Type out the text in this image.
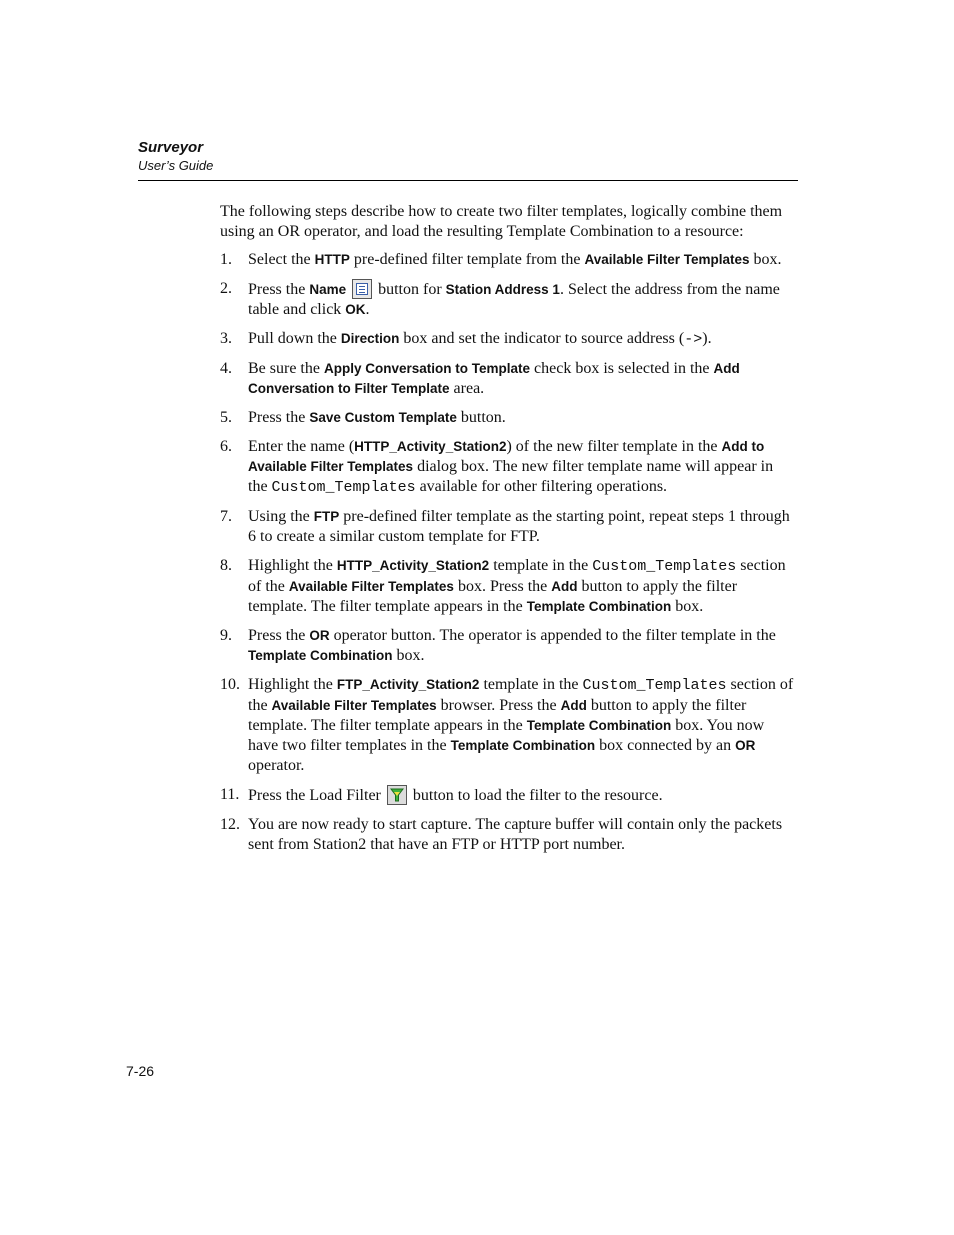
Surveyor
User’s Guide

The following steps describe how to create two filter templates, logically combine them using an OR operator, and load the resulting Template Combination to a resource:

1. Select the HTTP pre-defined filter template from the Available Filter Templates box.
2. Press the Name  button for Station Address 1. Select the address from the name table and click OK.
3. Pull down the Direction box and set the indicator to source address (->).
4. Be sure the Apply Conversation to Template check box is selected in the Add Conversation to Filter Template area.
5. Press the Save Custom Template button.
6. Enter the name (HTTP_Activity_Station2) of the new filter template in the Add to Available Filter Templates dialog box. The new filter template name will appear in the Custom_Templates available for other filtering operations.
7. Using the FTP pre-defined filter template as the starting point, repeat steps 1 through 6 to create a similar custom template for FTP.
8. Highlight the HTTP_Activity_Station2 template in the Custom_Templates section of the Available Filter Templates box. Press the Add button to apply the filter template. The filter template appears in the Template Combination box.
9. Press the OR operator button. The operator is appended to the filter template in the Template Combination box.
10. Highlight the FTP_Activity_Station2 template in the Custom_Templates section of the Available Filter Templates browser. Press the Add button to apply the filter template. The filter template appears in the Template Combination box. You now have two filter templates in the Template Combination box connected by an OR operator.
11. Press the Load Filter
button to load the filter to the resource.
12. You are now ready to start capture. The capture buffer will contain only the packets sent from Station2 that have an FTP or HTTP port number.
7-26
